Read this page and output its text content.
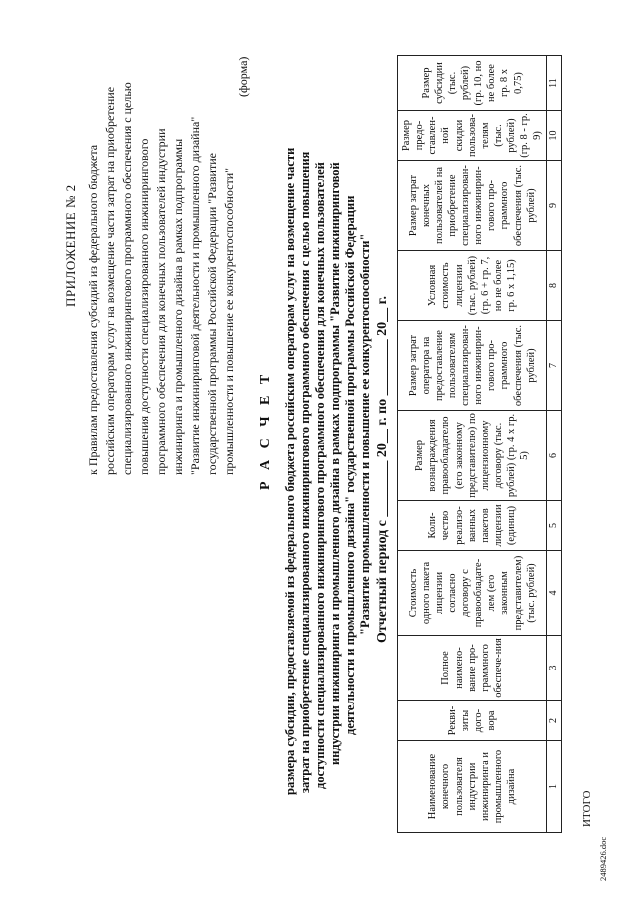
ПРИЛОЖЕНИЕ № 2 к Правилам предоставления субсидий из федерального бюджета российским операторам услуг на возмещение части затрат на приобретение специализированного инжинирингового программного обеспечения с целью повышения доступности специализированного инжинирингового программного обеспечения для конечных пользователей индустрии инжиниринга и промышленного дизайна в рамках подпрограммы "Развитие инжиниринговой деятельности и промышленного дизайна" государственной программы Российской Федерации "Развитие промышленности и повышение ее конкурентоспособности"
(форма)
Р А С Ч Е Т размера субсидии, предоставляемой из федерального бюджета российским операторам услуг на возмещение части затрат на приобретение специализированного инжинирингового программного обеспечения с целью повышения доступности специализированного инжинирингового программного обеспечения для конечных пользователей индустрии инжиниринга и промышленного дизайна в рамках подпрограммы "Развитие инжиниринговой деятельности и промышленного дизайна" государственной программы Российской Федерации "Развитие промышленности и повышение ее конкурентоспособности" Отчетный период с ________ 20__ г. по ________ 20__ г.
Наименование конечного пользователя индустрии инжиниринга и промышленного дизайна	Рекви-зиты дого-вора	Полное наимено-вание про-граммного обеспече-ния	Стоимость одного пакета лицензии согласно договору с правообладате-лем (его законным представителем) (тыс. рублей)	Коли-чество реализо-ванных пакетов лицензии (единиц)	Размер вознаграждения правообладателю (его законному представителю) по лицензионному договору (тыс. рублей) (гр. 4 х гр. 5)	Размер затрат оператора на предоставление пользователям специализирован-ного инжинирин-гового про-граммного обеспечения (тыс. рублей)	Условная стоимость лицензии (тыс. рублей) (гр. 6 + гр. 7, но не более гр. 6 х 1,15)	Размер затрат конечных пользователей на приобретение специализирован-ного инжинирин-гового про-граммного обеспечения (тыс. рублей)	Размер предо-ставлен-ной скидки пользова-телям (тыс. рублей) (гр. 8 - гр. 9)	Размер субсидии (тыс. рублей) (гр. 10, но не более гр. 8 х 0,75)
1	2	3	4	5	6	7	8	9	10	11
ИТОГО
2489426.doc
